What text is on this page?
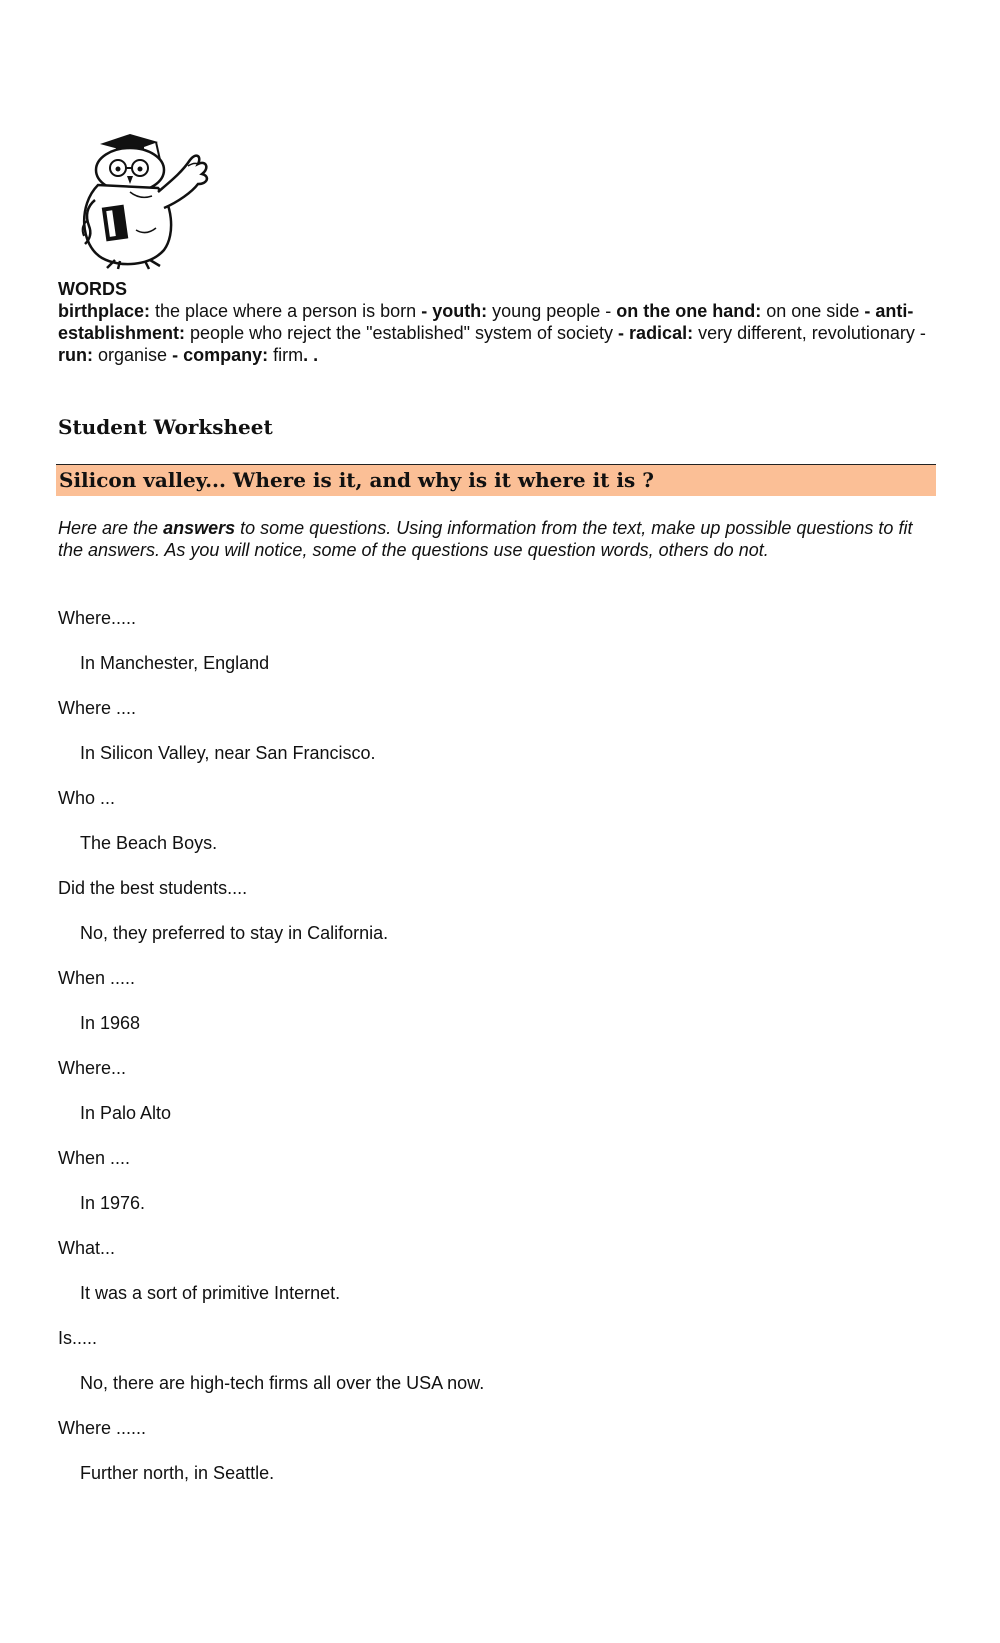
WORDS
birthplace: the place where a person is born - youth: young people - on the one hand: on one side - anti-establishment: people who reject the "established" system of society - radical: very different, revolutionary - run: organise - company: firm. .
Student Worksheet
Silicon valley... Where is it, and why is it where it is ?
Here are the answers to some questions. Using information from the text, make up possible questions to fit the answers. As you will notice, some of the questions use question words, others do not.
Where.....
In Manchester, England
Where ....
In Silicon Valley, near San Francisco.
Who ...
The Beach Boys.
Did the best students....
No, they preferred to stay in California.
When .....
In 1968
Where...
In Palo Alto
When ....
In 1976.
What...
It was a sort of primitive Internet.
Is.....
No, there are high-tech firms all over the USA now.
Where ......
Further north, in Seattle.
